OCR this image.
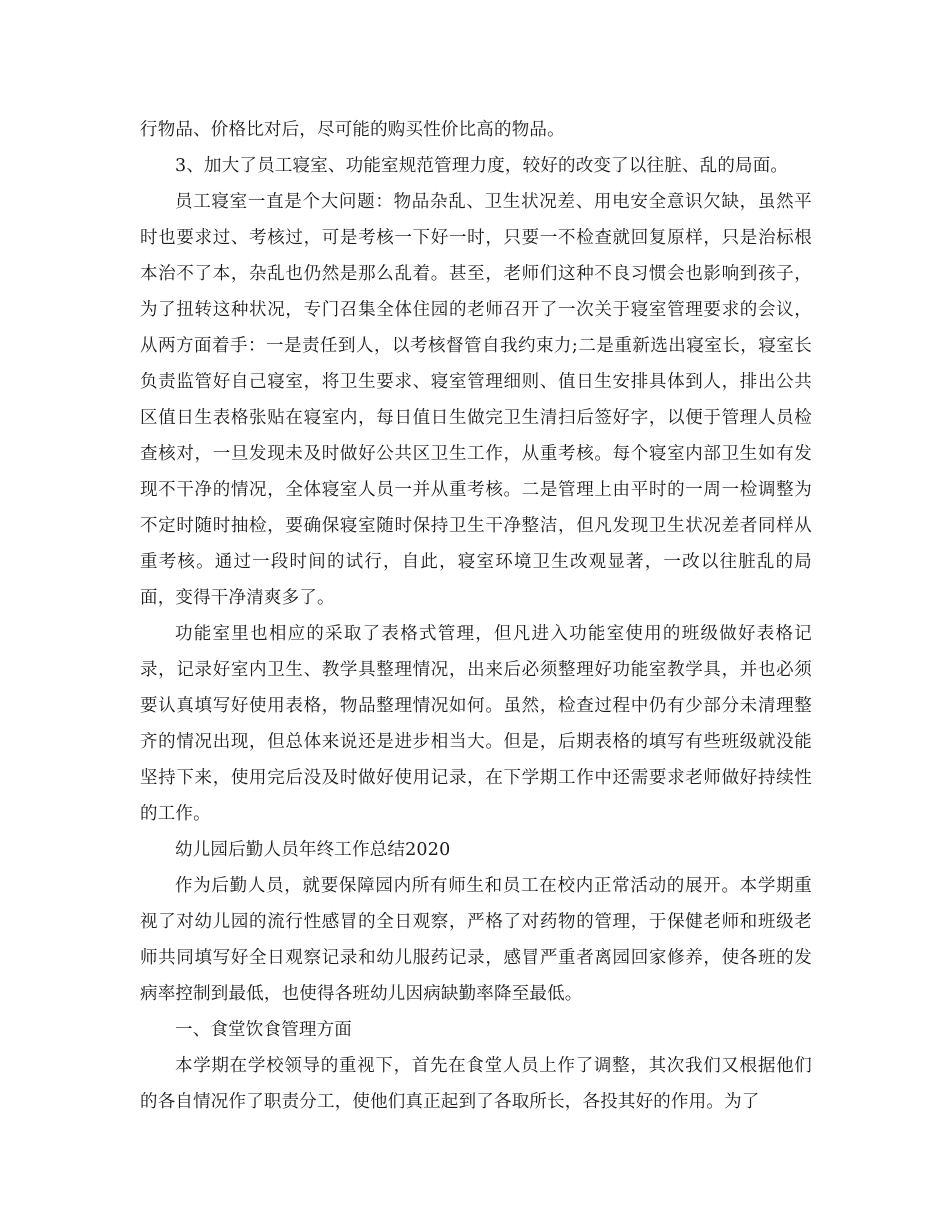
行物品、价格比对后，尽可能的购买性价比高的物品。

3、加大了员工寝室、功能室规范管理力度，较好的改变了以往脏、乱的局面。

员工寝室一直是个大问题：物品杂乱、卫生状况差、用电安全意识欠缺，虽然平时也要求过、考核过，可是考核一下好一时，只要一不检查就回复原样，只是治标根本治不了本，杂乱也仍然是那么乱着。甚至，老师们这种不良习惯会也影响到孩子，为了扭转这种状况，专门召集全体住园的老师召开了一次关于寝室管理要求的会议，从两方面着手：一是责任到人，以考核督管自我约束力;二是重新选出寝室长，寝室长负责监管好自己寝室，将卫生要求、寝室管理细则、值日生安排具体到人，排出公共区值日生表格张贴在寝室内，每日值日生做完卫生清扫后签好字，以便于管理人员检查核对，一旦发现未及时做好公共区卫生工作，从重考核。每个寝室内部卫生如有发现不干净的情况，全体寝室人员一并从重考核。二是管理上由平时的一周一检调整为不定时随时抽检，要确保寝室随时保持卫生干净整洁，但凡发现卫生状况差者同样从重考核。通过一段时间的试行，自此，寝室环境卫生改观显著，一改以往脏乱的局面，变得干净清爽多了。

功能室里也相应的采取了表格式管理，但凡进入功能室使用的班级做好表格记录，记录好室内卫生、教学具整理情况，出来后必须整理好功能室教学具，并也必须要认真填写好使用表格，物品整理情况如何。虽然，检查过程中仍有少部分未清理整齐的情况出现，但总体来说还是进步相当大。但是，后期表格的填写有些班级就没能坚持下来，使用完后没及时做好使用记录，在下学期工作中还需要求老师做好持续性的工作。

幼儿园后勤人员年终工作总结2020

作为后勤人员，就要保障园内所有师生和员工在校内正常活动的展开。本学期重视了对幼儿园的流行性感冒的全日观察，严格了对药物的管理，于保健老师和班级老师共同填写好全日观察记录和幼儿服药记录，感冒严重者离园回家修养，使各班的发病率控制到最低，也使得各班幼儿因病缺勤率降至最低。

一、食堂饮食管理方面

本学期在学校领导的重视下，首先在食堂人员上作了调整，其次我们又根据他们的各自情况作了职责分工，使他们真正起到了各取所长，各投其好的作用。为了
